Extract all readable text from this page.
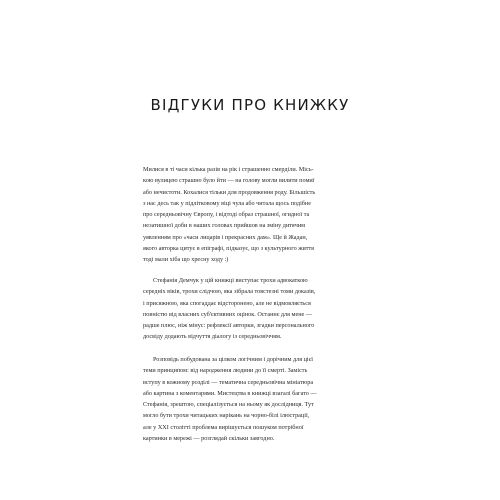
ВІДГУКИ ПРО КНИЖКУ
Милися в ті часи кілька разів на рік і страшенно смерділи. Місь-
кою вулицею страшно було йти — на голову могли вилити помиї
або нечистоти. Кохалися тільки для продовження роду. Більшість
з нас десь так у підлітковому віці чула або читала щось подібне
про середньовічну Європу, і відтоді образ страшної, огидної та
незатишної доби в наших головах прийшов на зміну дитячим
уявленням про «часи лицарів і прекрасних дам». Ще й Жадан,
якого авторка цитує в епіграфі, підказує, що з культурного життя
тоді мали хіба що хресну ходу :)
Стефанія Демчук у цій книжці виступає трохи адвокаткою
середніх віків, трохи слідчою, яка зібрала товстезні томи доказів,
і присяжною, яка спогаддає відсторонено, але не відмовляється
повністю від власних суб'єктивних оцінок. Останнє для мене —
радше плюс, ніж мінус: рефлексії авторки, згадки персонального
досвіду додають відчуття діалогу із середньовіччям.
Розповідь побудована за цілком логічним і дорічним для цієї
теми принципом: від народження людини до її смерті. Замість
вступу в кожному розділі — тематична середньовічна мініатюра
або картина з коментарями. Мистецтва в книжці взагалі багато —
Стефанія, зрештою, спеціалізується на ньому як дослідниця. Тут
могло бути трохи читацьких нарікань на чорно-білі ілюстрації,
але у XXI столітті проблема вирішується пошуком потрібної
картинки в мережі — розглядай скільки завгодно.
